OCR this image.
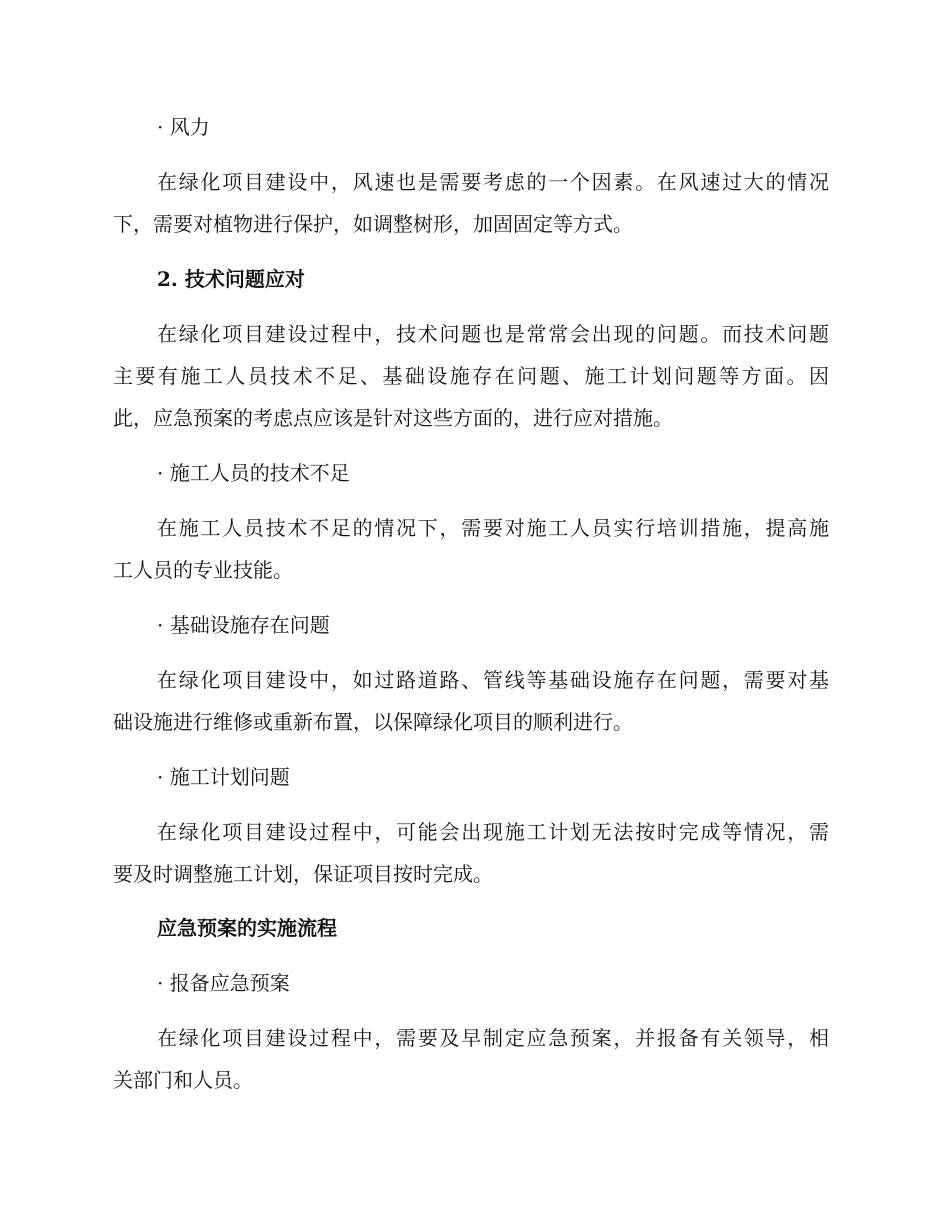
· 风力
在绿化项目建设中，风速也是需要考虑的一个因素。在风速过大的情况
下，需要对植物进行保护，如调整树形，加固固定等方式。
2. 技术问题应对
在绿化项目建设过程中，技术问题也是常常会出现的问题。而技术问题
主要有施工人员技术不足、基础设施存在问题、施工计划问题等方面。因
此，应急预案的考虑点应该是针对这些方面的，进行应对措施。
· 施工人员的技术不足
在施工人员技术不足的情况下，需要对施工人员实行培训措施，提高施
工人员的专业技能。
· 基础设施存在问题
在绿化项目建设中，如过路道路、管线等基础设施存在问题，需要对基
础设施进行维修或重新布置，以保障绿化项目的顺利进行。
· 施工计划问题
在绿化项目建设过程中，可能会出现施工计划无法按时完成等情况，需
要及时调整施工计划，保证项目按时完成。
应急预案的实施流程
· 报备应急预案
在绿化项目建设过程中，需要及早制定应急预案，并报备有关领导，相
关部门和人员。
